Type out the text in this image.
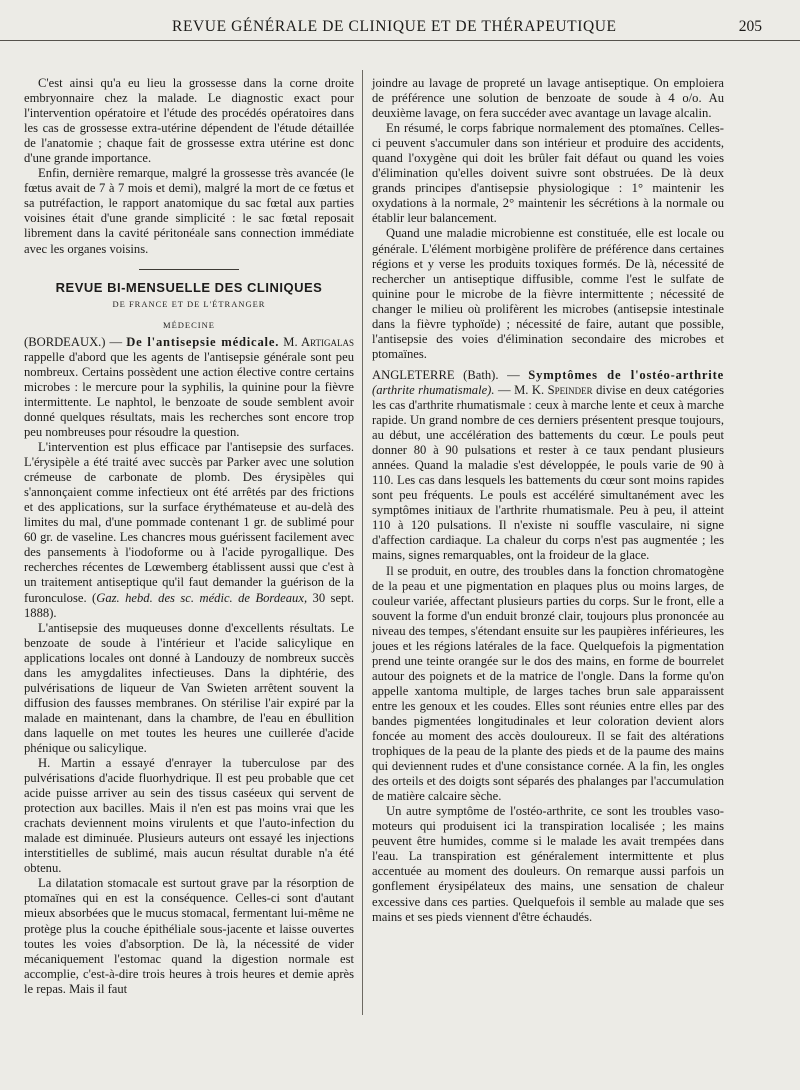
REVUE GÉNÉRALE DE CLINIQUE ET DE THÉRAPEUTIQUE	205

C'est ainsi qu'a eu lieu la grossesse dans la corne droite embryonnaire chez la malade. Le diagnostic exact pour l'intervention opératoire et l'étude des procédés opératoires dans les cas de grossesse extra-utérine dépendent de l'étude détaillée de l'anatomie ; chaque fait de grossesse extra utérine est donc d'une grande importance.

Enfin, dernière remarque, malgré la grossesse très avancée (le fœtus avait de 7 à 7 mois et demi), malgré la mort de ce fœtus et sa putréfaction, le rapport anatomique du sac fœtal aux parties voisines était d'une grande simplicité : le sac fœtal reposait librement dans la cavité péritonéale sans connection immédiate avec les organes voisins.

REVUE BI-MENSUELLE DES CLINIQUES

DE FRANCE ET DE L'ÉTRANGER

MÉDECINE

(BORDEAUX.) — De l'antisepsie médicale. M. Artigalas rappelle d'abord que les agents de l'antisepsie générale sont peu nombreux. Certains possèdent une action élective contre certains microbes : le mercure pour la syphilis, la quinine pour la fièvre intermittente. Le naphtol, le benzoate de soude semblent avoir donné quelques résultats, mais les recherches sont encore trop peu nombreuses pour résoudre la question.

L'intervention est plus efficace par l'antisepsie des surfaces. L'érysipèle a été traité avec succès par Parker avec une solution crémeuse de carbonate de plomb. Des érysipèles qui s'annonçaient comme infectieux ont été arrêtés par des frictions et des applications, sur la surface érythémateuse et au-delà des limites du mal, d'une pommade contenant 1 gr. de sublimé pour 60 gr. de vaseline. Les chancres mous guérissent facilement avec des pansements à l'iodoforme ou à l'acide pyrogallique. Des recherches récentes de Lœwemberg établissent aussi que c'est à un traitement antiseptique qu'il faut demander la guérison de la furonculose. (Gaz. hebd. des sc. médic. de Bordeaux, 30 sept. 1888).

L'antisepsie des muqueuses donne d'excellents résultats. Le benzoate de soude à l'intérieur et l'acide salicylique en applications locales ont donné à Landouzy de nombreux succès dans les amygdalites infectieuses. Dans la diphtérie, des pulvérisations de liqueur de Van Swieten arrêtent souvent la diffusion des fausses membranes. On stérilise l'air expiré par la malade en maintenant, dans la chambre, de l'eau en ébullition dans laquelle on met toutes les heures une cuillerée d'acide phénique ou salicylique.

H. Martin a essayé d'enrayer la tuberculose par des pulvérisations d'acide fluorhydrique. Il est peu probable que cet acide puisse arriver au sein des tissus caséeux qui servent de protection aux bacilles. Mais il n'en est pas moins vrai que les crachats deviennent moins virulents et que l'auto-infection du malade est diminuée. Plusieurs auteurs ont essayé les injections interstitielles de sublimé, mais aucun résultat durable n'a été obtenu.

La dilatation stomacale est surtout grave par la résorption de ptomaïnes qui en est la conséquence. Celles-ci sont d'autant mieux absorbées que le mucus stomacal, fermentant lui-même ne protège plus la couche épithéliale sous-jacente et laisse ouvertes toutes les voies d'absorption. De là, la nécessité de vider mécaniquement l'estomac quand la digestion normale est accomplie, c'est-à-dire trois heures à trois heures et demie après le repas. Mais il faut

joindre au lavage de propreté un lavage antiseptique. On emploiera de préférence une solution de benzoate de soude à 4 o/o. Au deuxième lavage, on fera succéder avec avantage un lavage alcalin.

En résumé, le corps fabrique normalement des ptomaïnes. Celles-ci peuvent s'accumuler dans son intérieur et produire des accidents, quand l'oxygène qui doit les brûler fait défaut ou quand les voies d'élimination qu'elles doivent suivre sont obstruées. De là deux grands principes d'antisepsie physiologique : 1° maintenir les oxydations à la normale, 2° maintenir les sécrétions à la normale ou établir leur balancement.

Quand une maladie microbienne est constituée, elle est locale ou générale. L'élément morbigène prolifère de préférence dans certaines régions et y verse les produits toxiques formés. De là, nécessité de rechercher un antiseptique diffusible, comme l'est le sulfate de quinine pour le microbe de la fièvre intermittente ; nécessité de changer le milieu où prolifèrent les microbes (antisepsie intestinale dans la fièvre typhoïde) ; nécessité de faire, autant que possible, l'antisepsie des voies d'élimination secondaire des microbes et ptomaïnes.

ANGLETERRE (Bath). — Symptômes de l'ostéo-arthrite (arthrite rhumatismale). — M. K. Speinder divise en deux catégories les cas d'arthrite rhumatismale : ceux à marche lente et ceux à marche rapide. Un grand nombre de ces derniers présentent presque toujours, au début, une accélération des battements du cœur. Le pouls peut donner 80 à 90 pulsations et rester à ce taux pendant plusieurs années. Quand la maladie s'est développée, le pouls varie de 90 à 110. Les cas dans lesquels les battements du cœur sont moins rapides sont peu fréquents. Le pouls est accéléré simultanément avec les symptômes initiaux de l'arthrite rhumatismale. Peu à peu, il atteint 110 à 120 pulsations. Il n'existe ni souffle vasculaire, ni signe d'affection cardiaque. La chaleur du corps n'est pas augmentée ; les mains, signes remarquables, ont la froideur de la glace.

Il se produit, en outre, des troubles dans la fonction chromatogène de la peau et une pigmentation en plaques plus ou moins larges, de couleur variée, affectant plusieurs parties du corps. Sur le front, elle a souvent la forme d'un enduit bronzé clair, toujours plus prononcée au niveau des tempes, s'étendant ensuite sur les paupières inférieures, les joues et les régions latérales de la face. Quelquefois la pigmentation prend une teinte orangée sur le dos des mains, en forme de bourrelet autour des poignets et de la matrice de l'ongle. Dans la forme qu'on appelle xantoma multiple, de larges taches brun sale apparaissent entre les genoux et les coudes. Elles sont réunies entre elles par des bandes pigmentées longitudinales et leur coloration devient alors foncée au moment des accès douloureux. Il se fait des altérations trophiques de la peau de la plante des pieds et de la paume des mains qui deviennent rudes et d'une consistance cornée. A la fin, les ongles des orteils et des doigts sont séparés des phalanges par l'accumulation de matière calcaire sèche.

Un autre symptôme de l'ostéo-arthrite, ce sont les troubles vaso-moteurs qui produisent ici la transpiration localisée ; les mains peuvent être humides, comme si le malade les avait trempées dans l'eau. La transpiration est généralement intermittente et plus accentuée au moment des douleurs. On remarque aussi parfois un gonflement érysipélateux des mains, une sensation de chaleur excessive dans ces parties. Quelquefois il semble au malade que ses mains et ses pieds viennent d'être échaudés.
